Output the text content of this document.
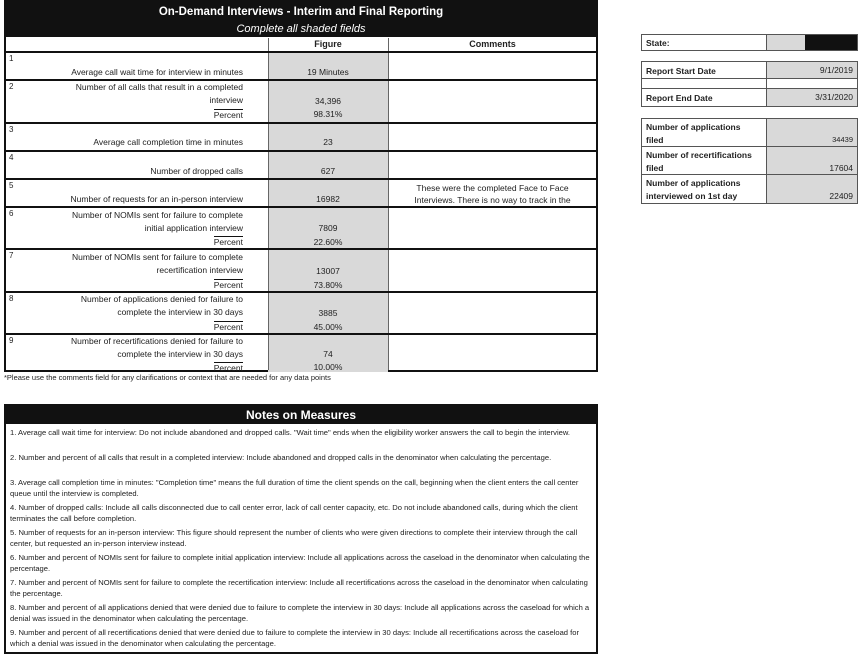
On-Demand Interviews - Interim and Final Reporting
Complete all shaded fields
Figure	Comments
1
Average call wait time for interview in minutes	19 Minutes
2	Number of all calls that result in a completed
interview	34,396
Percent	98.31%
3
Average call completion time in minutes	23
4
Number of dropped calls	627
5
Number of requests for an in-person interview	16982
These were the completed Face to Face
Interviews. There is no way to track in the
6	Number of NOMIs sent for failure to complete
initial application interview	7809
Percent	22.60%
7	Number of NOMIs sent for failure to complete
recertification interview	13007
Percent	73.80%
8	Number of applications denied for failure to
complete the interview in 30 days	3885
Percent	45.00%
9	Number of recertifications denied for failure to
complete the interview in 30 days	74
Percent	10.00%
*Please use the comments field for any clarifications or context that are needed for any data points
State:
Report Start Date	9/1/2019
Report End Date	3/31/2020
Number of applications
filed	34439
Number of recertifications
filed	17604
Number of applications
interviewed on 1st day	22409
Notes on Measures
1. Average call wait time for interview: Do not include abandoned and dropped calls. "Wait time" ends when the eligibility worker answers the call to begin the interview.
2. Number and percent of all calls that result in a completed interview: Include abandoned and dropped calls in the denominator when calculating the percentage.
3. Average call completion time in minutes: "Completion time" means the full duration of time the client spends on the call, beginning when the client enters the call center queue until the interview is completed.
4. Number of dropped calls: Include all calls disconnected due to call center error, lack of call center capacity, etc. Do not include abandoned calls, during which the client terminates the call before completion.
5. Number of requests for an in-person interview: This figure should represent the number of clients who were given directions to complete their interview through the call center, but requested an in-person interview instead.
6. Number and percent of NOMIs sent for failure to complete initial application interview: Include all applications across the caseload in the denominator when calculating the percentage.
7. Number and percent of NOMIs sent for failure to complete the recertification interview: Include all recertifications across the caseload in the denominator when calculating the percentage.
8. Number and percent of all applications denied that were denied due to failure to complete the interview in 30 days: Include all applications across the caseload for which a denial was issued in the denominator when calculating the percentage.
9. Number and percent of all recertifications denied that were denied due to failure to complete the interview in 30 days: Include all recertifications across the caseload for which a denial was issued in the denominator when calculating the percentage.
